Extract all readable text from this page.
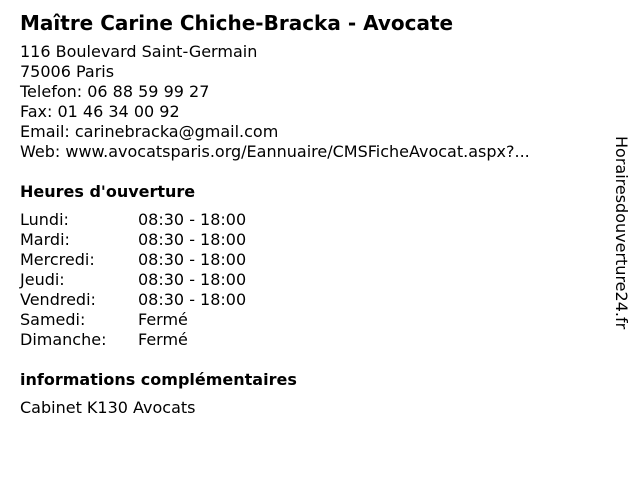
Maître Carine Chiche-Bracka - Avocate
116 Boulevard Saint-Germain
75006 Paris
Telefon: 06 88 59 99 27
Fax: 01 46 34 00 92
Email: carinebracka@gmail.com
Web: www.avocatsparis.org/Eannuaire/CMSFicheAvocat.aspx?...
Heures d'ouverture
Lundi:	08:30 - 18:00
Mardi:	08:30 - 18:00
Mercredi:	08:30 - 18:00
Jeudi:	08:30 - 18:00
Vendredi:	08:30 - 18:00
Samedi:	Fermé
Dimanche:	Fermé
informations complémentaires
Cabinet K130 Avocats
Horairesdouverture24.fr
